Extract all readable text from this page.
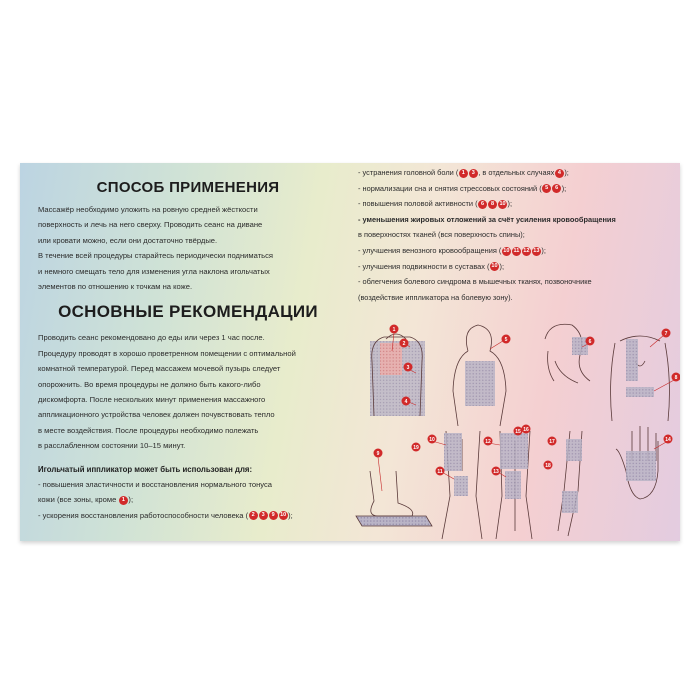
СПОСОБ ПРИМЕНЕНИЯ

Массажёр необходимо уложить на ровную средней жёсткости
поверхность и лечь на него сверху. Проводить сеанс на диване
или кровати можно, если они достаточно твёрдые.
В течение всей процедуры старайтесь периодически подниматься
и немного смещать тело для изменения угла наклона игольчатых
элементов по отношению к точкам на коже.

ОСНОВНЫЕ РЕКОМЕНДАЦИИ

Проводить сеанс рекомендовано до еды или через 1 час после.
Процедуру проводят в хорошо проветренном помещении с оптимальной
комнатной температурой. Перед массажем мочевой пузырь следует
опорожнить. Во время процедуры не должно быть какого-либо
дискомфорта. После нескольких минут применения массажного
аппликационного устройства человек должен почувствовать тепло
в месте воздействия. После процедуры необходимо полежать
в расслабленном состоянии 10–15 минут.

Игольчатый иппликатор может быть использован для:

- повышения эластичности и восстановления нормального тонуса
кожи (все зоны, кроме 1 );
- ускорения восстановления работоспособности человека ( 2 3 9 10 );

- устранения головной боли ( 1 3 , в отдельных случаях 4 );
- нормализации сна и снятия стрессовых состояний ( 5 6 );
- повышения половой активности ( 6 8 10 );
- уменьшения жировых отложений за счёт усиления кровообращения
в поверхностях тканей (вся поверхность спины);
- улучшения венозного кровообращения ( 10 11 12 13 );
- улучшения подвижности в суставах ( 10 );
- облегчения болевого синдрома в мышечных тканях, позвоночнике
(воздействие иппликатора на болевую зону).
1
2
3
4
5	6
7
8
9
10
11
12
13
14
15 16
17
18
19
